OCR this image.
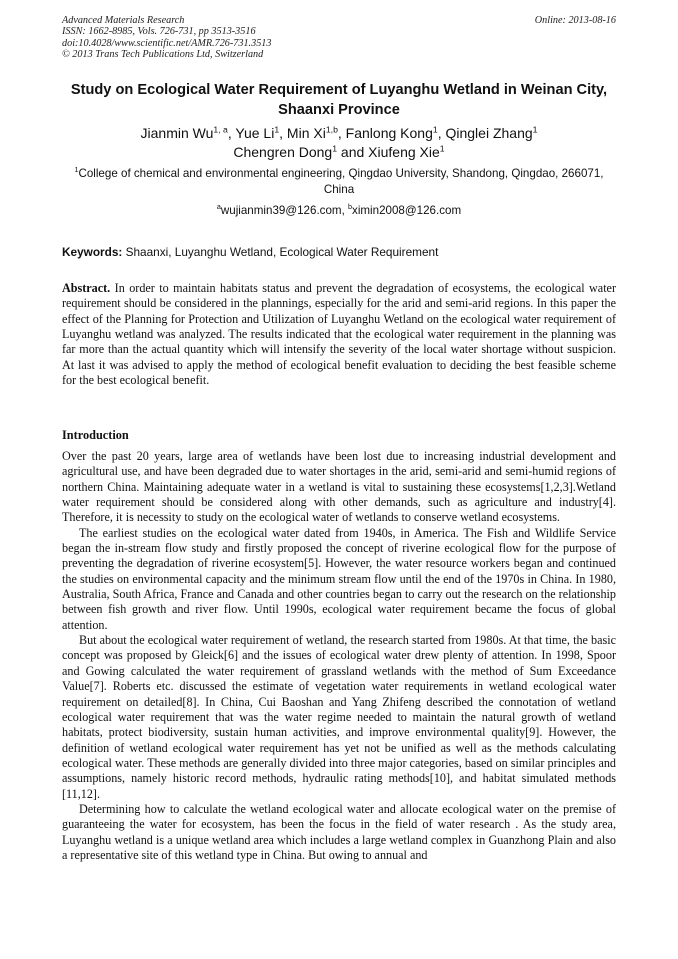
Advanced Materials Research
ISSN: 1662-8985, Vols. 726-731, pp 3513-3516
doi:10.4028/www.scientific.net/AMR.726-731.3513
© 2013 Trans Tech Publications Ltd, Switzerland
Online: 2013-08-16
Study on Ecological Water Requirement of Luyanghu Wetland in Weinan City, Shaanxi Province
Jianmin Wu$^{1, a}$, Yue Li$^1$, Min Xi$^{1,b}$, Fanlong Kong$^1$, Qinglei Zhang$^1$
Chengren Dong$^1$ and Xiufeng Xie$^1$
$^1$College of chemical and environmental engineering, Qingdao University, Shandong, Qingdao, 266071, China
$^a$wujianmin39@126.com, $^b$ximin2008@126.com
Keywords: Shaanxi, Luyanghu Wetland, Ecological Water Requirement
Abstract. In order to maintain habitats status and prevent the degradation of ecosystems, the ecological water requirement should be considered in the plannings, especially for the arid and semi-arid regions. In this paper the effect of the Planning for Protection and Utilization of Luyanghu Wetland on the ecological water requirement of Luyanghu wetland was analyzed. The results indicated that the ecological water requirement in the planning was far more than the actual quantity which will intensify the severity of the local water shortage without suspicion. At last it was advised to apply the method of ecological benefit evaluation to deciding the best feasible scheme for the best ecological benefit.
Introduction

Over the past 20 years, large area of wetlands have been lost due to increasing industrial development and agricultural use, and have been degraded due to water shortages in the arid, semi-arid and semi-humid regions of northern China. Maintaining adequate water in a wetland is vital to sustaining these ecosystems[1,2,3].Wetland water requirement should be considered along with other demands, such as agriculture and industry[4]. Therefore, it is necessity to study on the ecological water of wetlands to conserve wetland ecosystems.

The earliest studies on the ecological water dated from 1940s, in America. The Fish and Wildlife Service began the in-stream flow study and firstly proposed the concept of riverine ecological flow for the purpose of preventing the degradation of riverine ecosystem[5]. However, the water resource workers began and continued the studies on environmental capacity and the minimum stream flow until the end of the 1970s in China. In 1980, Australia, South Africa, France and Canada and other countries began to carry out the research on the relationship between fish growth and river flow. Until 1990s, ecological water requirement became the focus of global attention.

But about the ecological water requirement of wetland, the research started from 1980s. At that time, the basic concept was proposed by Gleick[6] and the issues of ecological water drew plenty of attention. In 1998, Spoor and Gowing calculated the water requirement of grassland wetlands with the method of Sum Exceedance Value[7]. Roberts etc. discussed the estimate of vegetation water requirements in wetland ecological water requirement on detailed[8]. In China, Cui Baoshan and Yang Zhifeng described the connotation of wetland ecological water requirement that was the water regime needed to maintain the natural growth of wetland habitats, protect biodiversity, sustain human activities, and improve environmental quality[9]. However, the definition of wetland ecological water requirement has yet not be unified as well as the methods calculating ecological water. These methods are generally divided into three major categories, based on similar principles and assumptions, namely historic record methods, hydraulic rating methods[10], and habitat simulated methods [11,12].

Determining how to calculate the wetland ecological water and allocate ecological water on the premise of guaranteeing the water for ecosystem, has been the focus in the field of water research . As the study area, Luyanghu wetland is a unique wetland area which includes a large wetland complex in Guanzhong Plain and also a representative site of this wetland type in China. But owing to annual and
